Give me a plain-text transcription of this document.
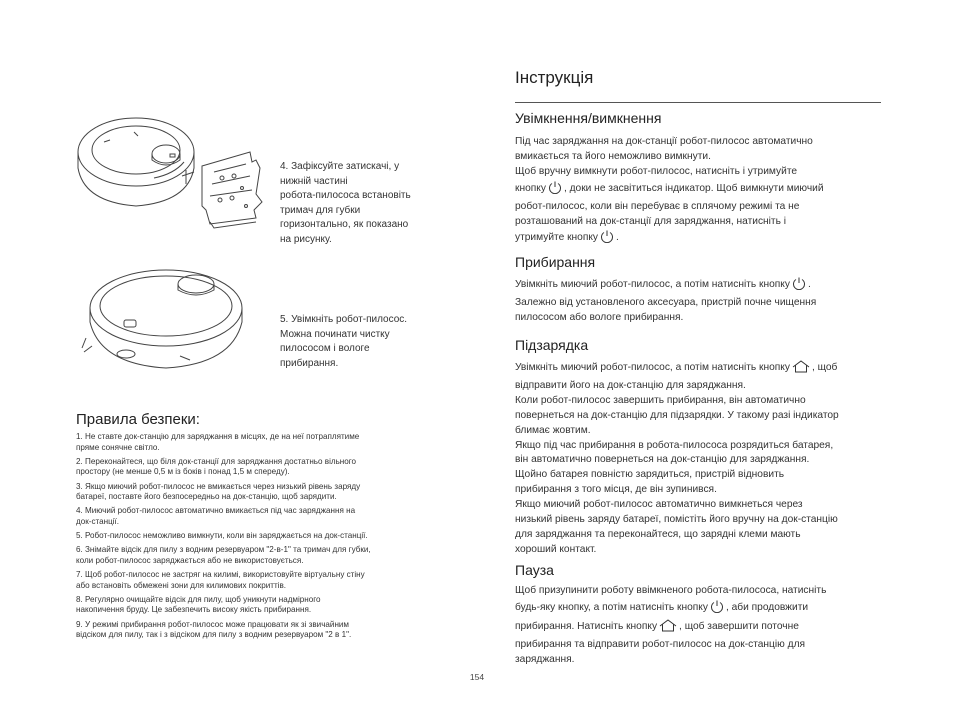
4. Зафіксуйте затискачі, у
нижній частині
робота-пилососа встановіть
тримач для губки
горизонтально, як показано
на рисунку.
5. Увімкніть робот-пилосос.
Можна починати чистку
пилососом і вологе
прибирання.
Правила безпеки:
1. Не ставте док-станцію для заряджання в місцях, де на неї потраплятиме
пряме сонячне світло.
2. Переконайтеся, що біля док-станції для заряджання достатньо вільного
простору (не менше 0,5 м із боків і понад 1,5 м спереду).
3. Якщо миючий робот-пилосос не вмикається через низький рівень заряду
батареї, поставте його безпосередньо на док-станцію, щоб зарядити.
4. Миючий робот-пилосос автоматично вмикається під час заряджання на
док-станції.
5. Робот-пилосос неможливо вимкнути, коли він заряджається на док-станції.
6. Знімайте відсік для пилу з водним резервуаром "2-в-1" та тримач для губки,
коли робот-пилосос заряджається або не використовується.
7. Щоб робот-пилосос не застряг на килимі, використовуйте віртуальну стіну
або встановіть обмежені зони для килимових покриттів.
8. Регулярно очищайте відсік для пилу, щоб уникнути надмірного
накопичення бруду. Це забезпечить високу якість прибирання.
9. У режимі прибирання робот-пилосос може працювати як зі звичайним
відсіком для пилу, так і з відсіком для пилу з водним резервуаром "2 в 1".
Інструкція
Увімкнення/вимкнення
Під час заряджання на док-станції робот-пилосос автоматично
вмикається та його неможливо вимкнути.
Щоб вручну вимкнути робот-пилосос, натисніть і утримуйте
кнопку , доки не засвітиться індикатор. Щоб вимкнути миючий
робот-пилосос, коли він перебуває в сплячому режимі та не
розташований на док-станції для заряджання, натисніть і
утримуйте кнопку .
Прибирання
Увімкніть миючий робот-пилосос, а потім натисніть кнопку .
Залежно від установленого аксесуара, пристрій почне чищення
пилососом або вологе прибирання.
Підзарядка
Увімкніть миючий робот-пилосос, а потім натисніть кнопку , щоб
відправити його на док-станцію для заряджання.
Коли робот-пилосос завершить прибирання, він автоматично
повернеться на док-станцію для підзарядки. У такому разі індикатор
блимає жовтим.
Якщо під час прибирання в робота-пилососа розрядиться батарея,
він автоматично повернеться на док-станцію для заряджання.
Щойно батарея повністю зарядиться, пристрій відновить
прибирання з того місця, де він зупинився.
Якщо миючий робот-пилосос автоматично вимкнеться через
низький рівень заряду батареї, помістіть його вручну на док-станцію
для заряджання та переконайтеся, що зарядні клеми мають
хороший контакт.
Пауза
Щоб призупинити роботу ввімкненого робота-пилососа, натисніть
будь-яку кнопку, а потім натисніть кнопку , аби продовжити
прибирання. Натисніть кнопку , щоб завершити поточне
прибирання та відправити робот-пилосос на док-станцію для
заряджання.
154
